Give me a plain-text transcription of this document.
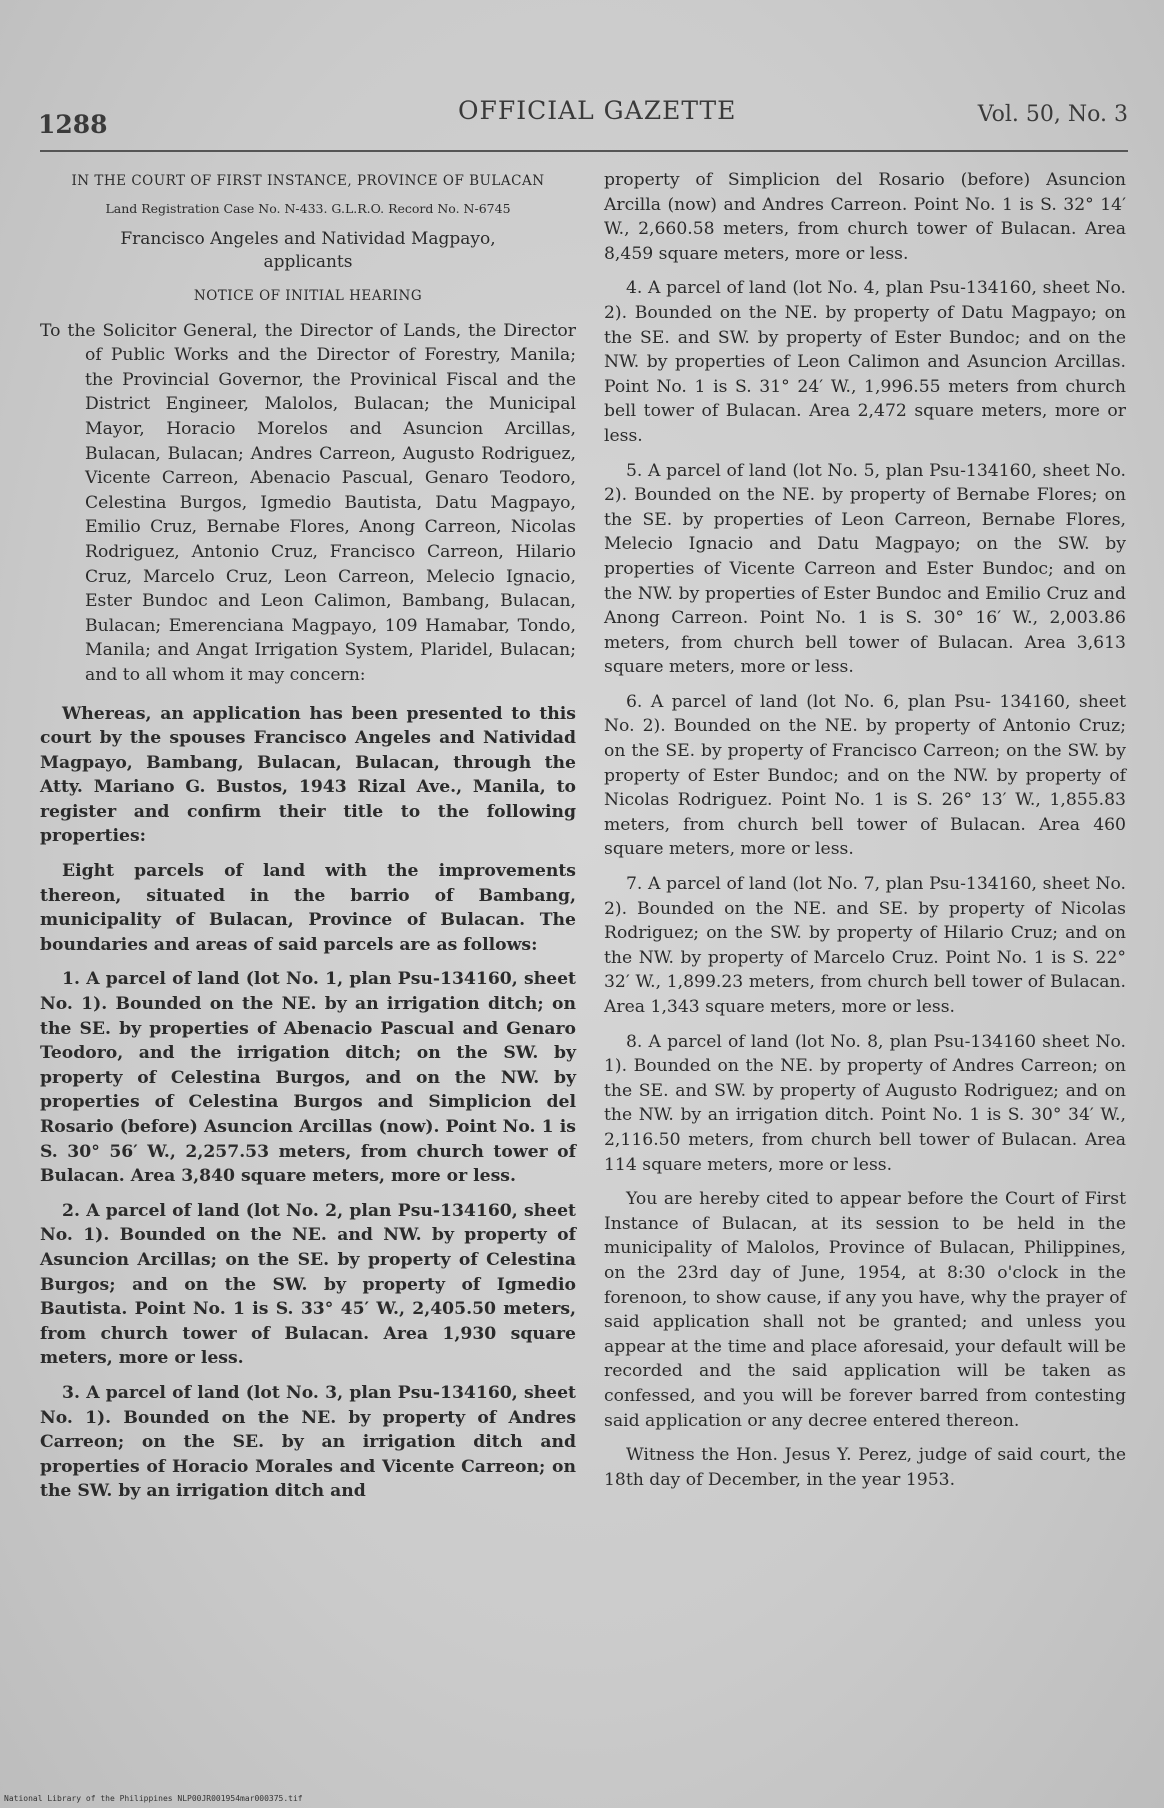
1288	OFFICIAL GAZETTE	Vol. 50, No. 3
IN THE COURT OF FIRST INSTANCE, PROVINCE OF BULACAN
Land Registration Case No. N-433. G.L.R.O. Record No. N-6745
Francisco Angeles and Natividad Magpayo,
applicants
NOTICE OF INITIAL HEARING
To the Solicitor General, the Director of Lands, the Director of Public Works and the Director of Forestry, Manila; the Provincial Governor, the Provinical Fiscal and the District Engineer, Malolos, Bulacan; the Municipal Mayor, Horacio Morelos and Asuncion Arcillas, Bulacan, Bulacan; Andres Carreon, Augusto Rodriguez, Vicente Carreon, Abenacio Pascual, Genaro Teodoro, Celestina Burgos, Igmedio Bautista, Datu Magpayo, Emilio Cruz, Bernabe Flores, Anong Carreon, Nicolas Rodriguez, Antonio Cruz, Francisco Carreon, Hilario Cruz, Marcelo Cruz, Leon Carreon, Melecio Ignacio, Ester Bundoc and Leon Calimon, Bambang, Bulacan, Bulacan; Emerenciana Magpayo, 109 Hamabar, Tondo, Manila; and Angat Irrigation System, Plaridel, Bulacan; and to all whom it may concern:

Whereas, an application has been presented to this court by the spouses Francisco Angeles and Natividad Magpayo, Bambang, Bulacan, Bulacan, through the Atty. Mariano G. Bustos, 1943 Rizal Ave., Manila, to register and confirm their title to the following properties:

Eight parcels of land with the improvements thereon, situated in the barrio of Bambang, municipality of Bulacan, Province of Bulacan. The boundaries and areas of said parcels are as follows:

1. A parcel of land (lot No. 1, plan Psu-134160, sheet No. 1). Bounded on the NE. by an irrigation ditch; on the SE. by properties of Abenacio Pascual and Genaro Teodoro, and the irrigation ditch; on the SW. by property of Celestina Burgos, and on the NW. by properties of Celestina Burgos and Simplicion del Rosario (before) Asuncion Arcillas (now). Point No. 1 is S. 30° 56′ W., 2,257.53 meters, from church tower of Bulacan. Area 3,840 square meters, more or less.

2. A parcel of land (lot No. 2, plan Psu-134160, sheet No. 1). Bounded on the NE. and NW. by property of Asuncion Arcillas; on the SE. by property of Celestina Burgos; and on the SW. by property of Igmedio Bautista. Point No. 1 is S. 33° 45′ W., 2,405.50 meters, from church tower of Bulacan. Area 1,930 square meters, more or less.

3. A parcel of land (lot No. 3, plan Psu-134160, sheet No. 1). Bounded on the NE. by property of Andres Carreon; on the SE. by an irrigation ditch and properties of Horacio Morales and Vicente Carreon; on the SW. by an irrigation ditch and

property of Simplicion del Rosario (before) Asuncion Arcilla (now) and Andres Carreon. Point No. 1 is S. 32° 14′ W., 2,660.58 meters, from church tower of Bulacan. Area 8,459 square meters, more or less.

4. A parcel of land (lot No. 4, plan Psu-134160, sheet No. 2). Bounded on the NE. by property of Datu Magpayo; on the SE. and SW. by property of Ester Bundoc; and on the NW. by properties of Leon Calimon and Asuncion Arcillas. Point No. 1 is S. 31° 24′ W., 1,996.55 meters from church bell tower of Bulacan. Area 2,472 square meters, more or less.

5. A parcel of land (lot No. 5, plan Psu-134160, sheet No. 2). Bounded on the NE. by property of Bernabe Flores; on the SE. by properties of Leon Carreon, Bernabe Flores, Melecio Ignacio and Datu Magpayo; on the SW. by properties of Vicente Carreon and Ester Bundoc; and on the NW. by properties of Ester Bundoc and Emilio Cruz and Anong Carreon. Point No. 1 is S. 30° 16′ W., 2,003.86 meters, from church bell tower of Bulacan. Area 3,613 square meters, more or less.

6. A parcel of land (lot No. 6, plan Psu- 134160, sheet No. 2). Bounded on the NE. by property of Antonio Cruz; on the SE. by property of Francisco Carreon; on the SW. by property of Ester Bundoc; and on the NW. by property of Nicolas Rodriguez. Point No. 1 is S. 26° 13′ W., 1,855.83 meters, from church bell tower of Bulacan. Area 460 square meters, more or less.

7. A parcel of land (lot No. 7, plan Psu-134160, sheet No. 2). Bounded on the NE. and SE. by property of Nicolas Rodriguez; on the SW. by property of Hilario Cruz; and on the NW. by property of Marcelo Cruz. Point No. 1 is S. 22° 32′ W., 1,899.23 meters, from church bell tower of Bulacan. Area 1,343 square meters, more or less.

8. A parcel of land (lot No. 8, plan Psu-134160 sheet No. 1). Bounded on the NE. by property of Andres Carreon; on the SE. and SW. by property of Augusto Rodriguez; and on the NW. by an irrigation ditch. Point No. 1 is S. 30° 34′ W., 2,116.50 meters, from church bell tower of Bulacan. Area 114 square meters, more or less.

You are hereby cited to appear before the Court of First Instance of Bulacan, at its session to be held in the municipality of Malolos, Province of Bulacan, Philippines, on the 23rd day of June, 1954, at 8:30 o'clock in the forenoon, to show cause, if any you have, why the prayer of said application shall not be granted; and unless you appear at the time and place aforesaid, your default will be recorded and the said application will be taken as confessed, and you will be forever barred from contesting said application or any decree entered thereon.

Witness the Hon. Jesus Y. Perez, judge of said court, the 18th day of December, in the year 1953.

National Library of the Philippines NLP00JR001954mar000375.tif
